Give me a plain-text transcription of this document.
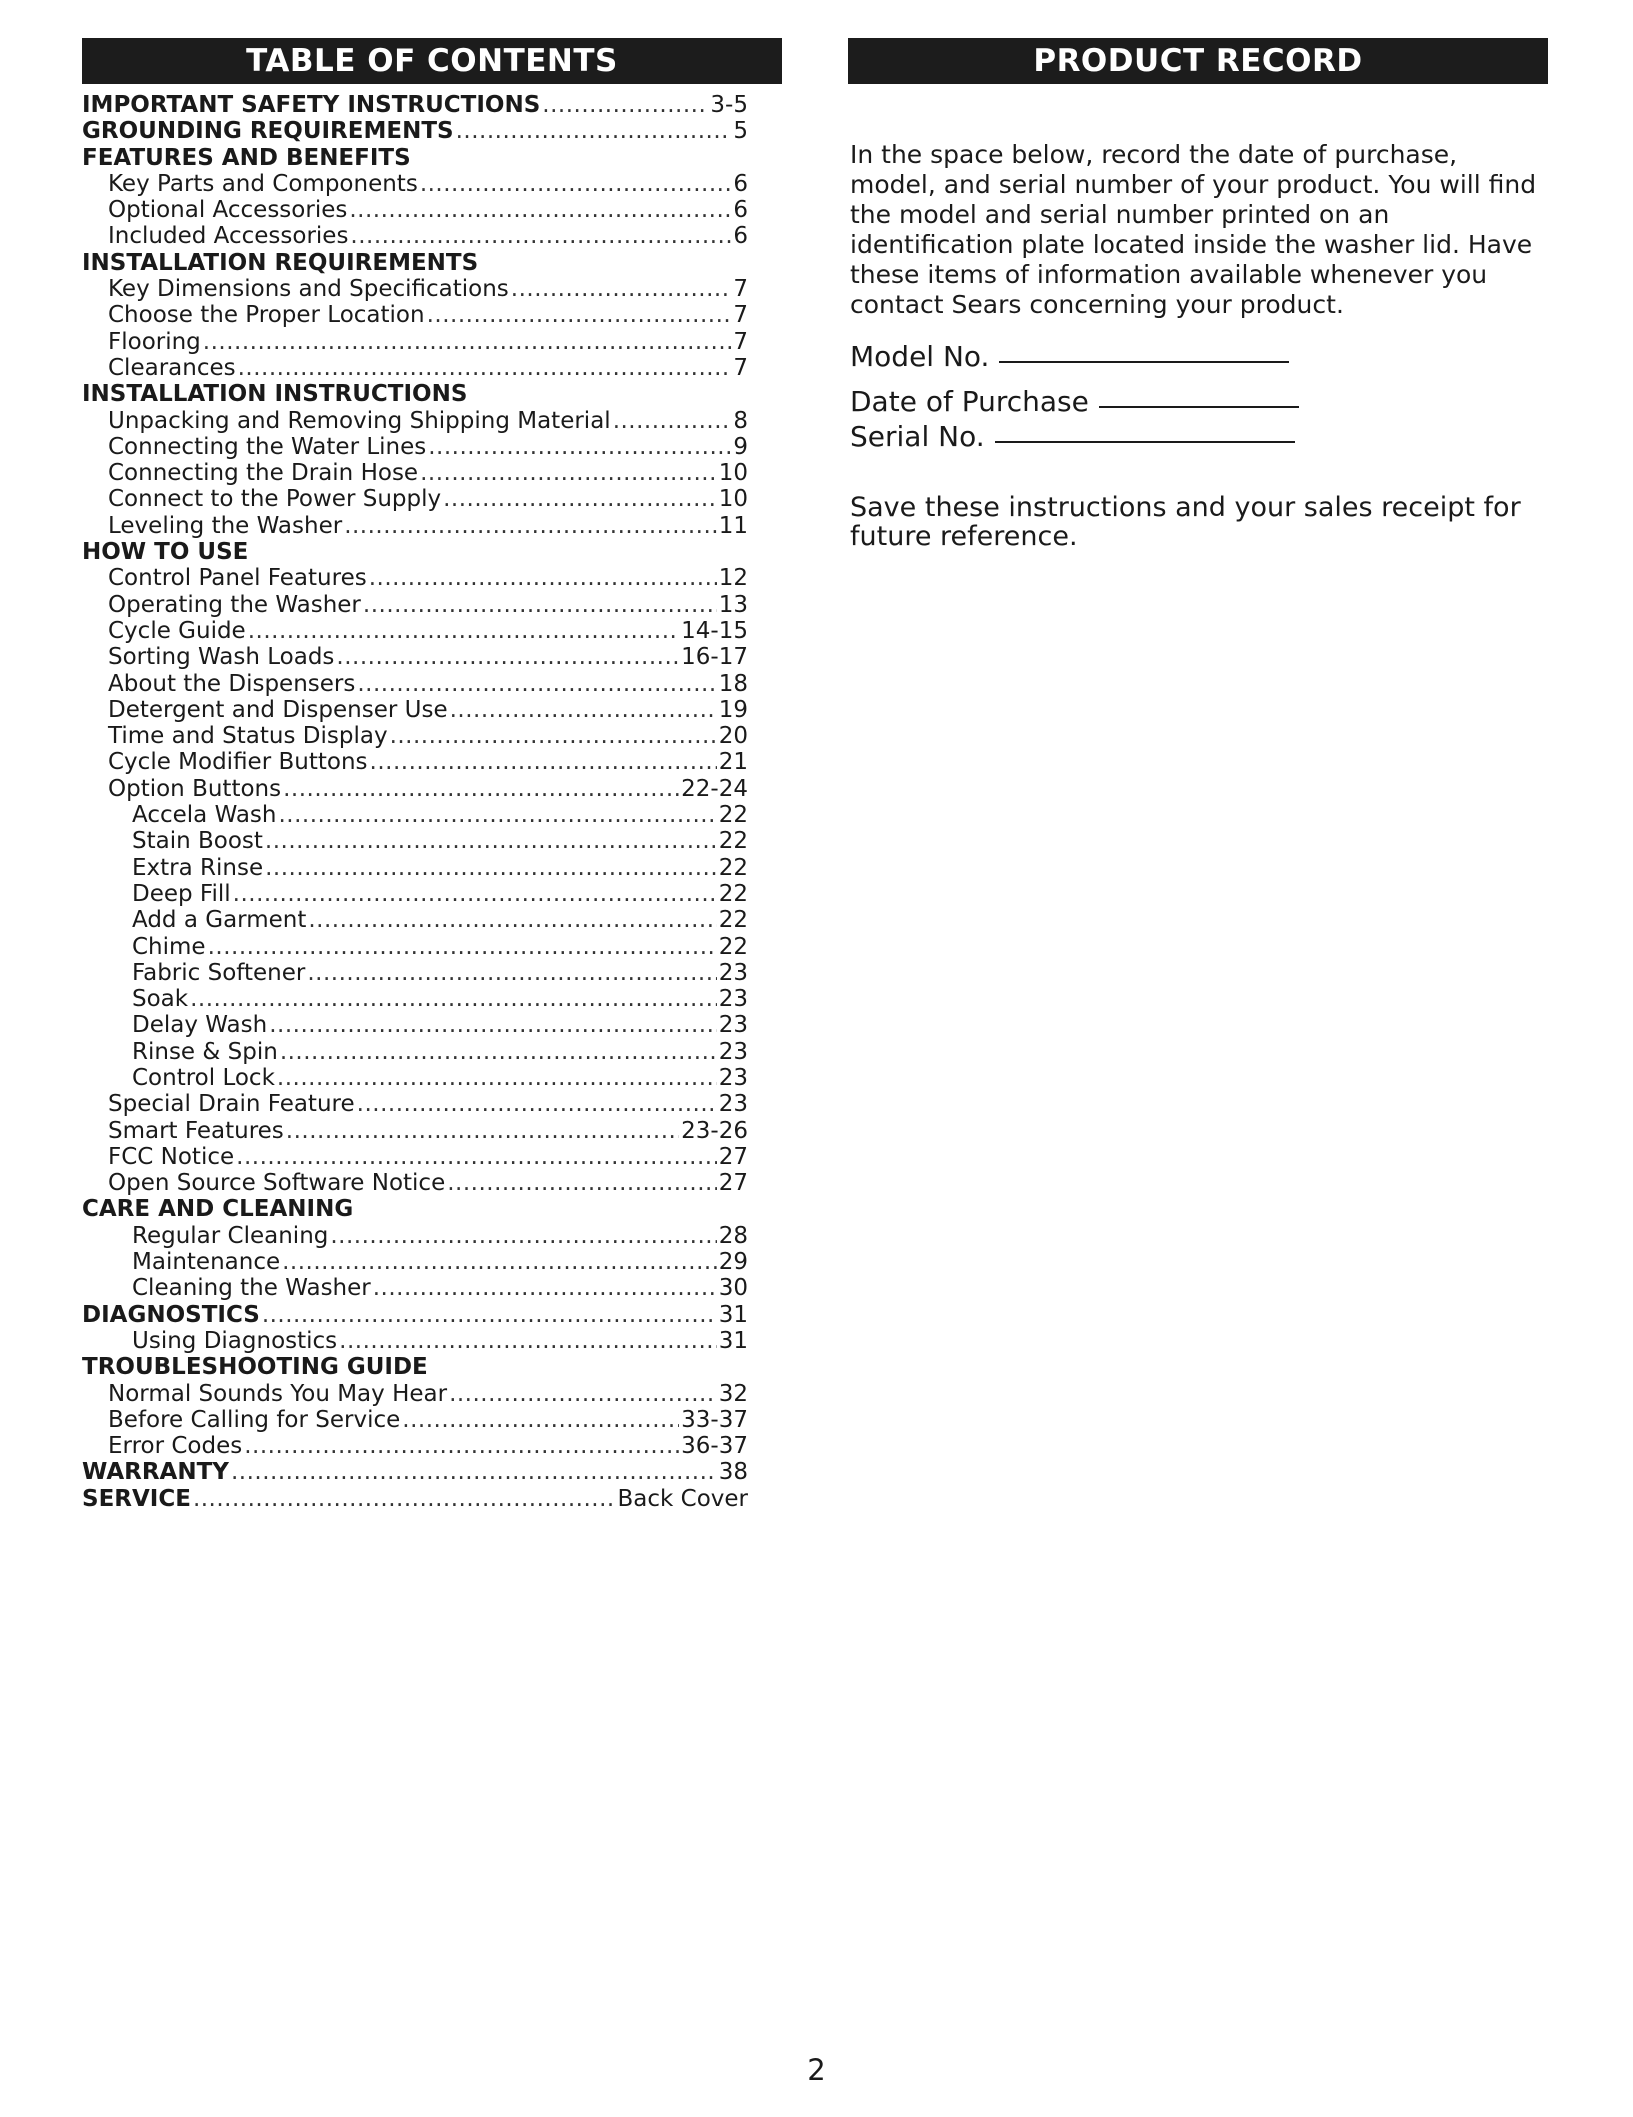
TABLE OF CONTENTS
IMPORTANT SAFETY INSTRUCTIONS .....	3-5
GROUNDING REQUIREMENTS .....	5
FEATURES AND BENEFITS
Key Parts and Components .....	6
Optional Accessories .....	6
Included Accessories .....	6
INSTALLATION REQUIREMENTS
Key Dimensions and Specifications .....	7
Choose the Proper Location .....	7
Flooring .....	7
Clearances .....	7
INSTALLATION INSTRUCTIONS
Unpacking and Removing Shipping Material .....	8
Connecting the Water Lines .....	9
Connecting the Drain Hose .....	10
Connect to the Power Supply .....	10
Leveling the Washer .....	11
HOW TO USE
Control Panel Features .....	12
Operating the Washer .....	13
Cycle Guide .....	14-15
Sorting Wash Loads .....	16-17
About the Dispensers .....	18
Detergent and Dispenser Use .....	19
Time and Status Display .....	20
Cycle Modifier Buttons .....	21
Option Buttons .....	22-24
Accela Wash .....	22
Stain Boost .....	22
Extra Rinse .....	22
Deep Fill .....	22
Add a Garment .....	22
Chime .....	22
Fabric Softener .....	23
Soak .....	23
Delay Wash .....	23
Rinse & Spin .....	23
Control Lock .....	23
Special Drain Feature .....	23
Smart Features .....	23-26
FCC Notice .....	27
Open Source Software Notice .....	27
CARE AND CLEANING
Regular Cleaning .....	28
Maintenance .....	29
Cleaning the Washer .....	30
DIAGNOSTICS .....	31
Using Diagnostics .....	31
TROUBLESHOOTING GUIDE
Normal Sounds You May Hear .....	32
Before Calling for Service .....	33-37
Error Codes .....	36-37
WARRANTY .....	38
SERVICE .....	Back Cover
PRODUCT RECORD
In the space below, record the date of purchase, model, and serial number of your product. You will find the model and serial number printed on an identification plate located inside the washer lid. Have these items of information available whenever you contact Sears concerning your product.
Model No.
Date of Purchase
Serial No.
Save these instructions and your sales receipt for future reference.
2
